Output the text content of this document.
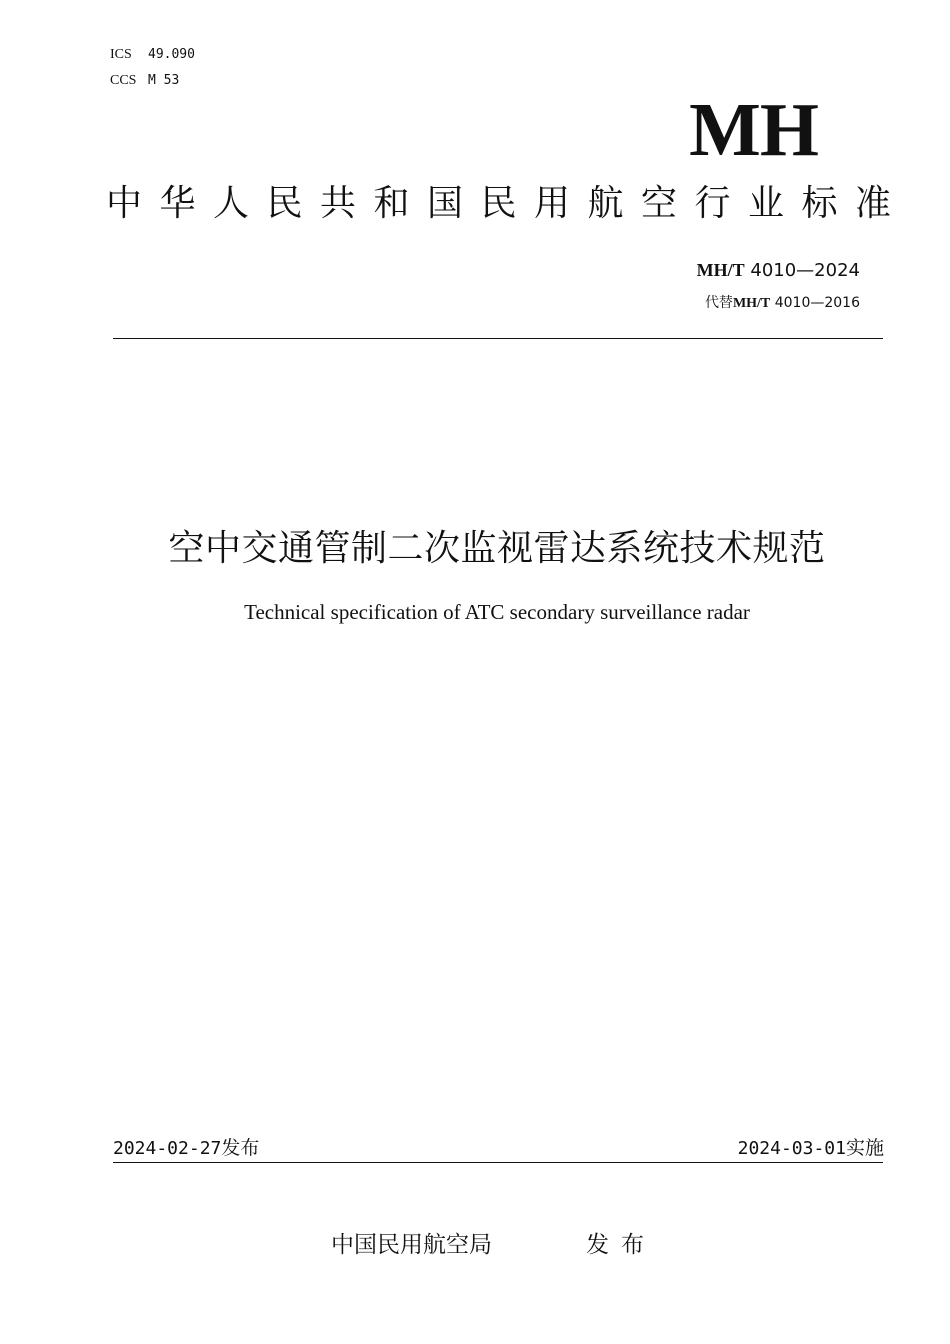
ICS 49.090
CCS M 53
MH
中华人民共和国民用航空行业标准
MH/T 4010—2024
代替MH/T 4010—2016
空中交通管制二次监视雷达系统技术规范
Technical specification of ATC secondary surveillance radar
2024-02-27发布	2024-03-01实施
中国民用航空局	发布
